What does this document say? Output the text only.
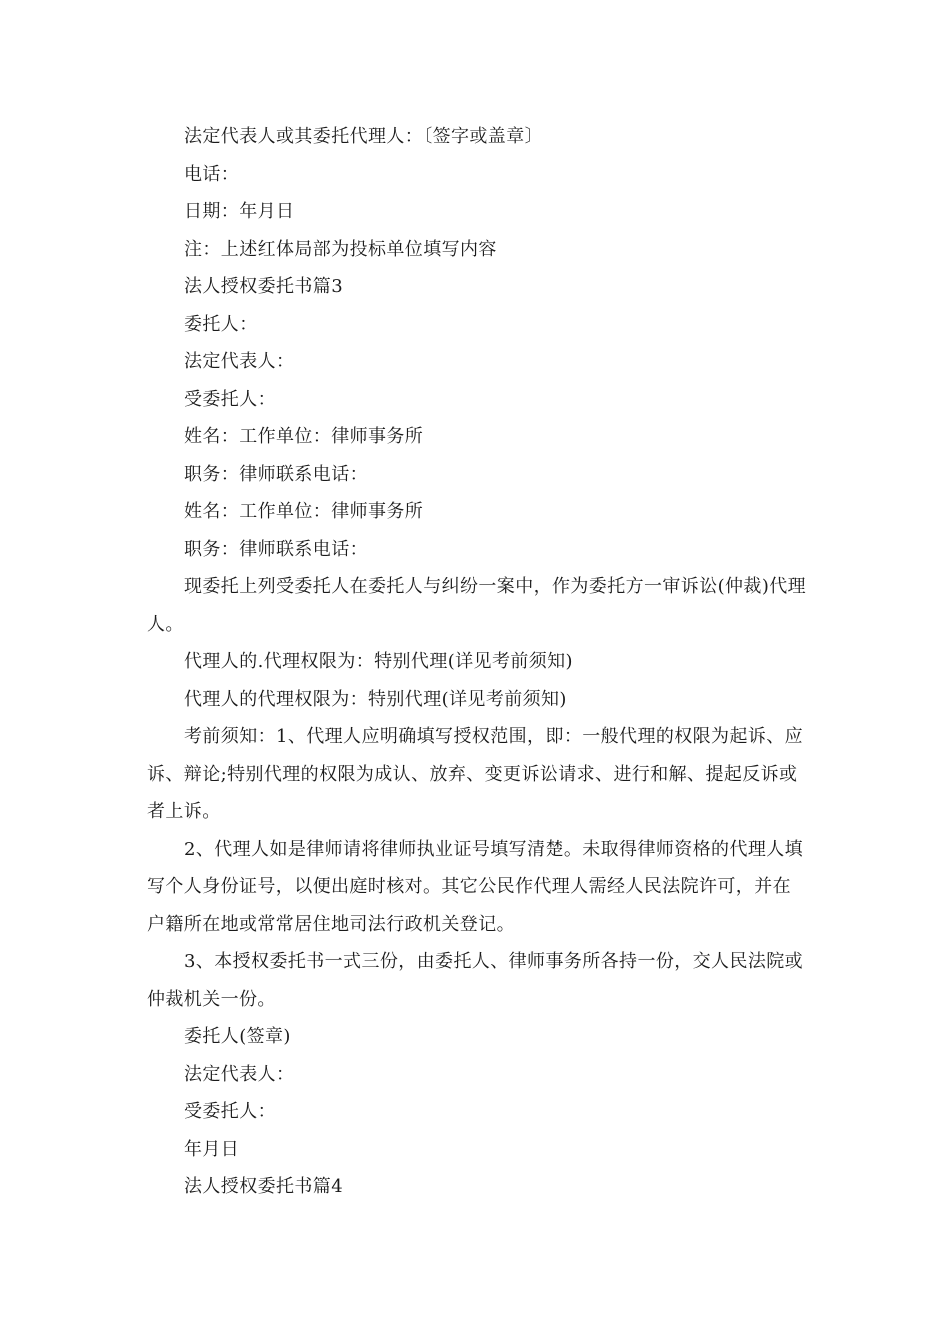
法定代表人或其委托代理人：〔签字或盖章〕

电话：

日期：年月日

注：上述红体局部为投标单位填写内容

法人授权委托书篇3

委托人：

法定代表人：

受委托人：

姓名：工作单位：律师事务所

职务：律师联系电话：

姓名：工作单位：律师事务所

职务：律师联系电话：

现委托上列受委托人在委托人与纠纷一案中，作为委托方一审诉讼(仲裁)代理人。

代理人的.代理权限为：特别代理(详见考前须知)

代理人的代理权限为：特别代理(详见考前须知)

考前须知：1、代理人应明确填写授权范围，即：一般代理的权限为起诉、应诉、辩论;特别代理的权限为成认、放弃、变更诉讼请求、进行和解、提起反诉或者上诉。

2、代理人如是律师请将律师执业证号填写清楚。未取得律师资格的代理人填写个人身份证号，以便出庭时核对。其它公民作代理人需经人民法院许可，并在户籍所在地或常常居住地司法行政机关登记。

3、本授权委托书一式三份，由委托人、律师事务所各持一份，交人民法院或仲裁机关一份。

委托人(签章)

法定代表人：

受委托人：

年月日

法人授权委托书篇4
